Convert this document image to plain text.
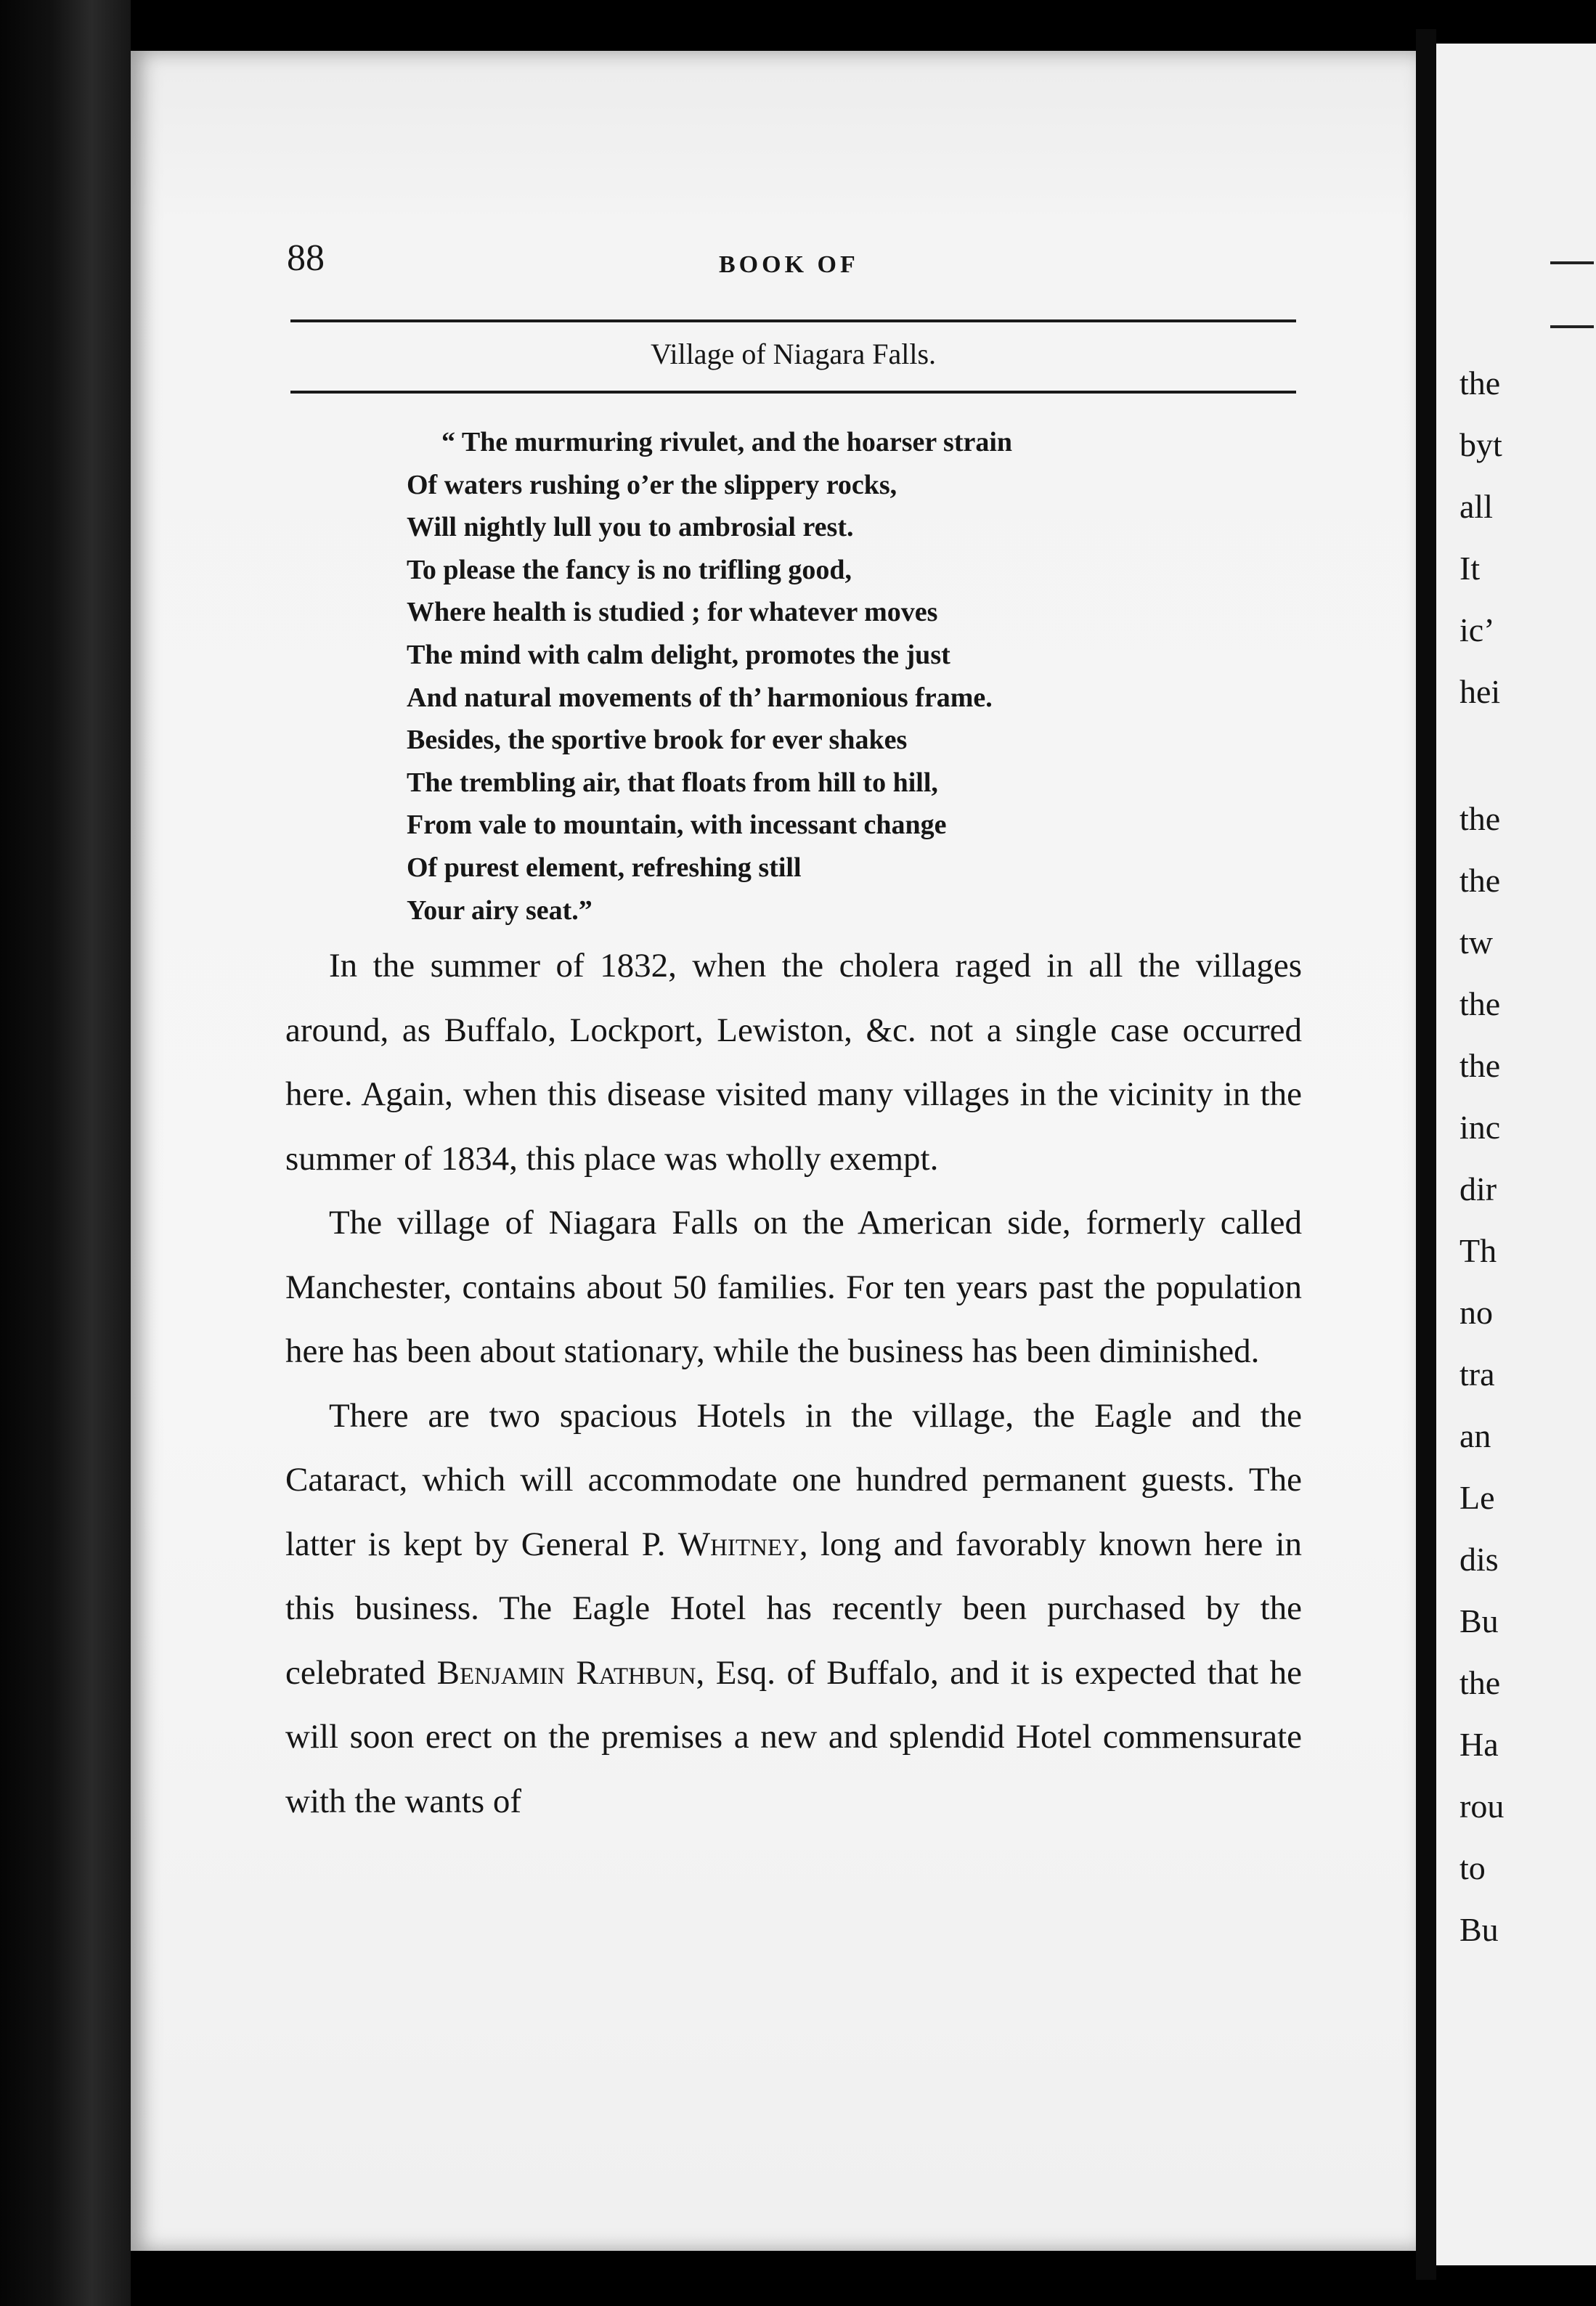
88	BOOK OF
Village of Niagara Falls.
“ The murmuring rivulet, and the hoarser strain
Of waters rushing o’er the slippery rocks,
Will nightly lull you to ambrosial rest.
To please the fancy is no trifling good,
Where health is studied ; for whatever moves
The mind with calm delight, promotes the just
And natural movements of th’ harmonious frame.
Besides, the sportive brook for ever shakes
The trembling air, that floats from hill to hill,
From vale to mountain, with incessant change
Of purest element, refreshing still
Your airy seat.”

In the summer of 1832, when the cholera raged in all the villages around, as Buffalo, Lockport, Lewiston, &c. not a single case occurred here. Again, when this disease visited many villages in the vicinity in the summer of 1834, this place was wholly exempt.

The village of Niagara Falls on the American side, formerly called Manchester, contains about 50 families. For ten years past the population here has been about stationary, while the business has been diminished.

There are two spacious Hotels in the village, the Eagle and the Cataract, which will accommodate one hundred permanent guests. The latter is kept by General P. Whitney, long and favorably known here in this business. The Eagle Hotel has recently been purchased by the celebrated Benjamin Rathbun, Esq. of Buffalo, and it is expected that he will soon erect on the premises a new and splendid Hotel commensurate with the wants of

the
byt
all
It
ic’
hei
the
the
tw
the
the
inc
dir
Th
no
tra
an
Le
dis
Bu
the
Ha
rou
to
Bu
